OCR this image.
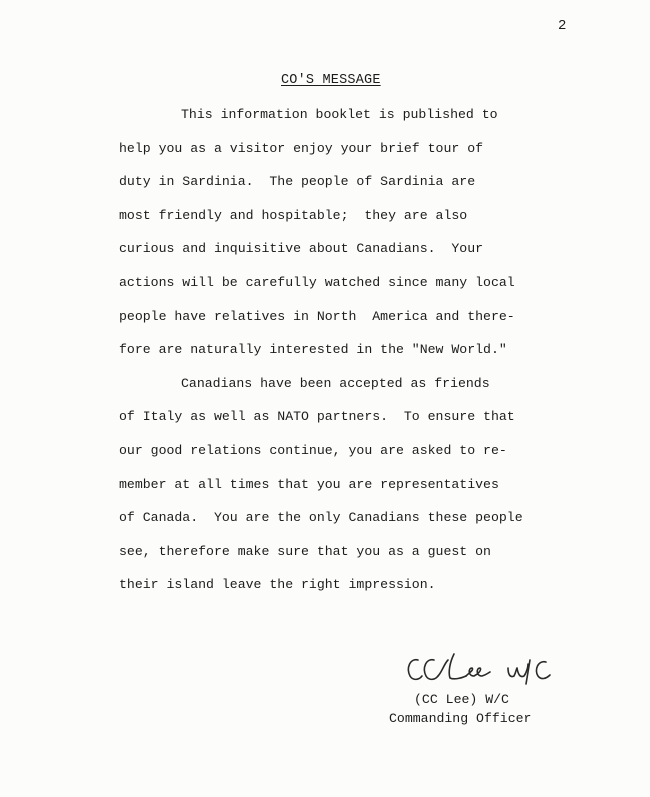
2
CO'S MESSAGE
This information booklet is published to
help you as a visitor enjoy your brief tour of
duty in Sardinia.  The people of Sardinia are
most friendly and hospitable;  they are also
curious and inquisitive about Canadians.  Your
actions will be carefully watched since many local
people have relatives in North  America and there-
fore are naturally interested in the "New World."
Canadians have been accepted as friends
of Italy as well as NATO partners.  To ensure that
our good relations continue, you are asked to re-
member at all times that you are representatives
of Canada.  You are the only Canadians these people
see, therefore make sure that you as a guest on
their island leave the right impression.
(CC Lee) W/C
Commanding Officer
